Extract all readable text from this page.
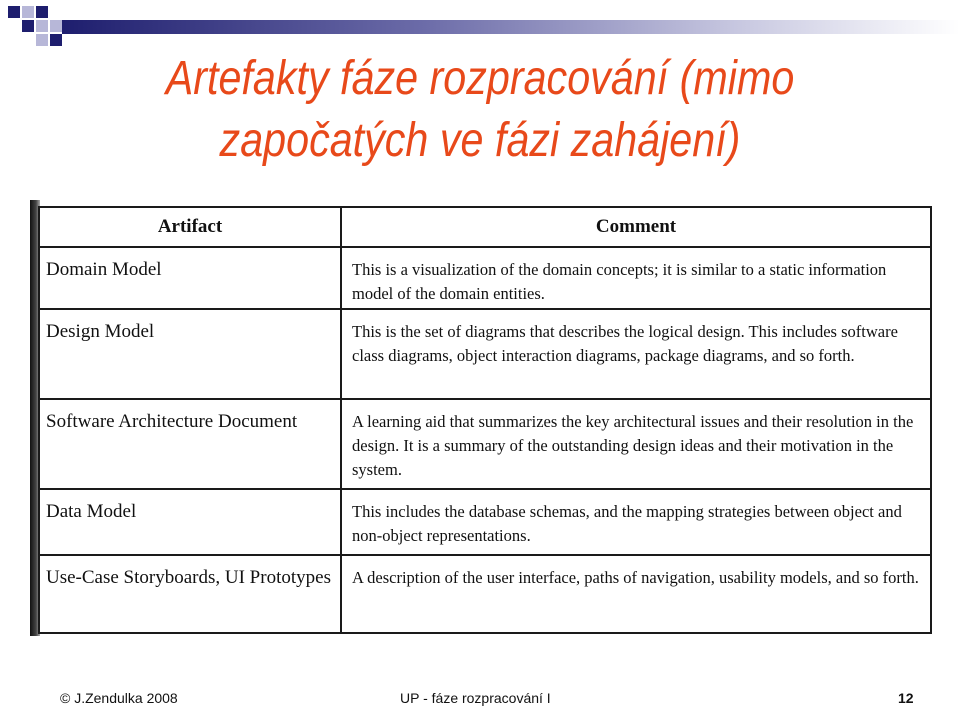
Artefakty fáze rozpracování (mimo
započatých ve fázi zahájení)
Artifact	Comment
Domain Model	This is a visualization of the domain concepts; it is similar to a static information model of the domain entities.
Design Model	This is the set of diagrams that describes the logical design. This includes software class diagrams, object interaction diagrams, package diagrams, and so forth.
Software Architecture Document	A learning aid that summarizes the key architectural issues and their resolution in the design. It is a summary of the outstanding design ideas and their motivation in the system.
Data Model	This includes the database schemas, and the mapping strategies between object and non-object representations.
Use-Case Storyboards, UI Prototypes	A description of the user interface, paths of navigation, usability models, and so forth.
© J.Zendulka 2008	UP - fáze rozpracování I	12
